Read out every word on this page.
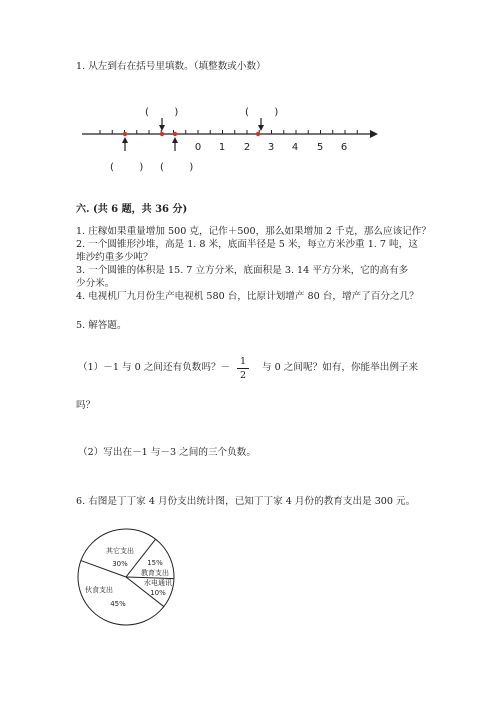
1. 从左到右在括号里填数。（填整数或小数）
(        )	(        )
(        ) (        )
0 1 2 3 4 5 6
其它支出
30%	15%
教育支出
水电通讯
10%
伙食支出
45%
六. (共 6 题，共 36 分)
1. 庄稼如果重量增加 500 克，记作＋500，那么如果增加 2 千克，那么应该记作？
2. 一个圆锥形沙堆，高是 1. 8 米，底面半径是 5 米，每立方米沙重 1. 7 吨，这
堆沙约重多少吨？
3. 一个圆锥的体积是 15. 7 立方分米，底面积是 3. 14 平方分米，它的高有多
少分米。
4. 电视机厂九月份生产电视机 580 台，比原计划增产 80 台，增产了百分之几？
5. 解答题。
（1）－1 与 0 之间还有负数吗？－
1
2
与 0 之间呢？如有，你能举出例子来
吗？
（2）写出在－1 与－3 之间的三个负数。
6. 右图是丁丁家 4 月份支出统计图，已知丁丁家 4 月份的教育支出是 300 元。
